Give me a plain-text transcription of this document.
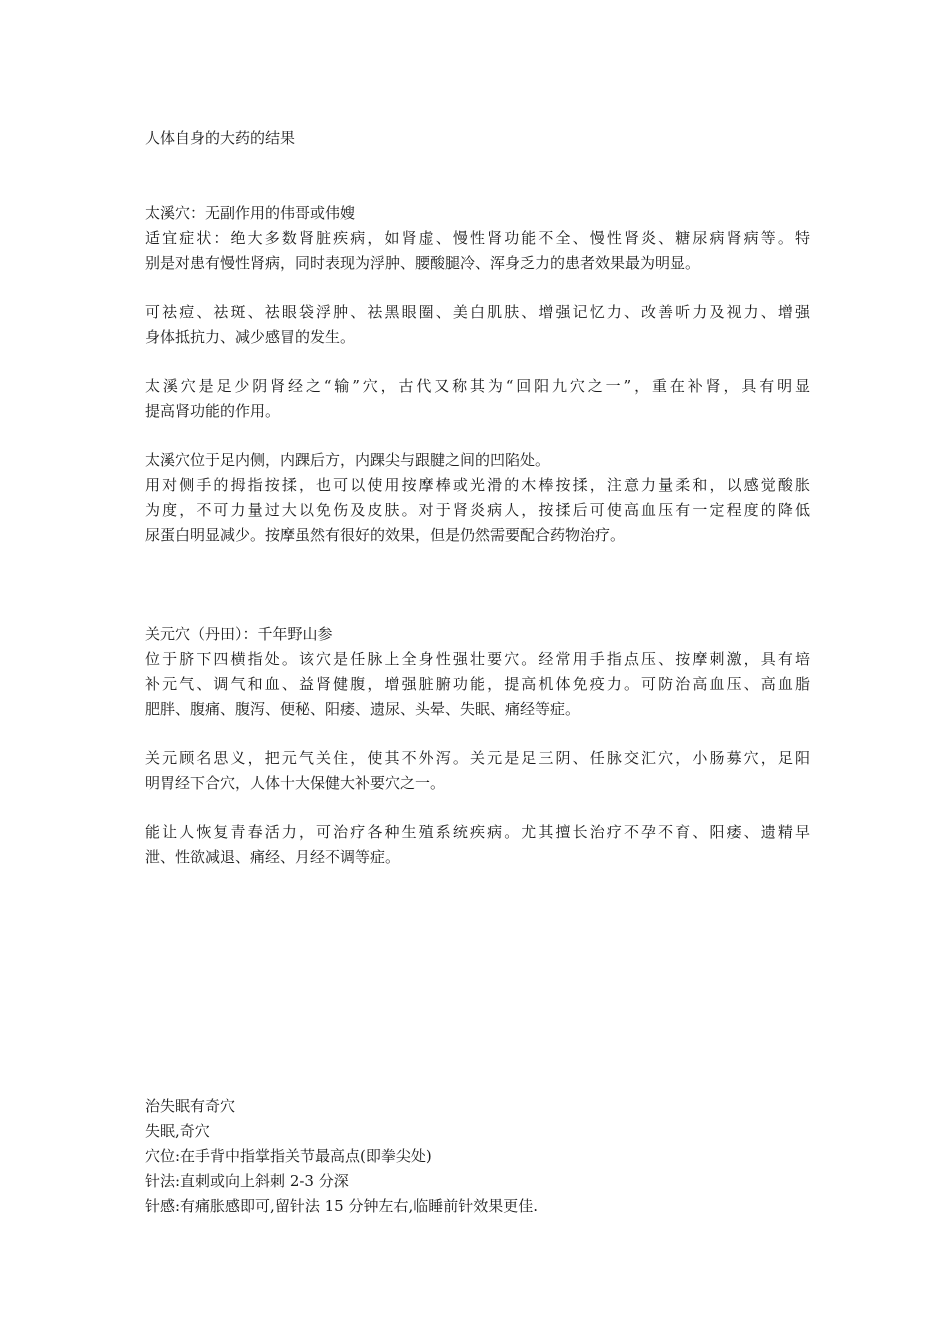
人体自身的大药的结果
太溪穴：无副作用的伟哥或伟嫂
适宜症状：绝大多数肾脏疾病，如肾虚、慢性肾功能不全、慢性肾炎、糖尿病肾病等。特
别是对患有慢性肾病，同时表现为浮肿、腰酸腿冷、浑身乏力的患者效果最为明显。
可祛痘、祛斑、祛眼袋浮肿、祛黑眼圈、美白肌肤、增强记忆力、改善听力及视力、增强
身体抵抗力、减少感冒的发生。
太溪穴是足少阴肾经之“输”穴，古代又称其为“回阳九穴之一”，重在补肾，具有明显
提高肾功能的作用。
太溪穴位于足内侧，内踝后方，内踝尖与跟腱之间的凹陷处。
用对侧手的拇指按揉，也可以使用按摩棒或光滑的木棒按揉，注意力量柔和，以感觉酸胀
为度，不可力量过大以免伤及皮肤。对于肾炎病人，按揉后可使高血压有一定程度的降低
尿蛋白明显减少。按摩虽然有很好的效果，但是仍然需要配合药物治疗。
关元穴（丹田）：千年野山参
位于脐下四横指处。该穴是任脉上全身性强壮要穴。经常用手指点压、按摩刺激，具有培
补元气、调气和血、益肾健腹，增强脏腑功能，提高机体免疫力。可防治高血压、高血脂
肥胖、腹痛、腹泻、便秘、阳痿、遗尿、头晕、失眠、痛经等症。
关元顾名思义，把元气关住，使其不外泻。关元是足三阴、任脉交汇穴，小肠募穴，足阳
明胃经下合穴，人体十大保健大补要穴之一。
能让人恢复青春活力，可治疗各种生殖系统疾病。尤其擅长治疗不孕不育、阳痿、遗精早
泄、性欲减退、痛经、月经不调等症。
治失眠有奇穴
失眠,奇穴
穴位:在手背中指掌指关节最高点(即拳尖处)
针法:直刺或向上斜刺 2-3 分深
针感:有痛胀感即可,留针法 15 分钟左右,临睡前针效果更佳.
